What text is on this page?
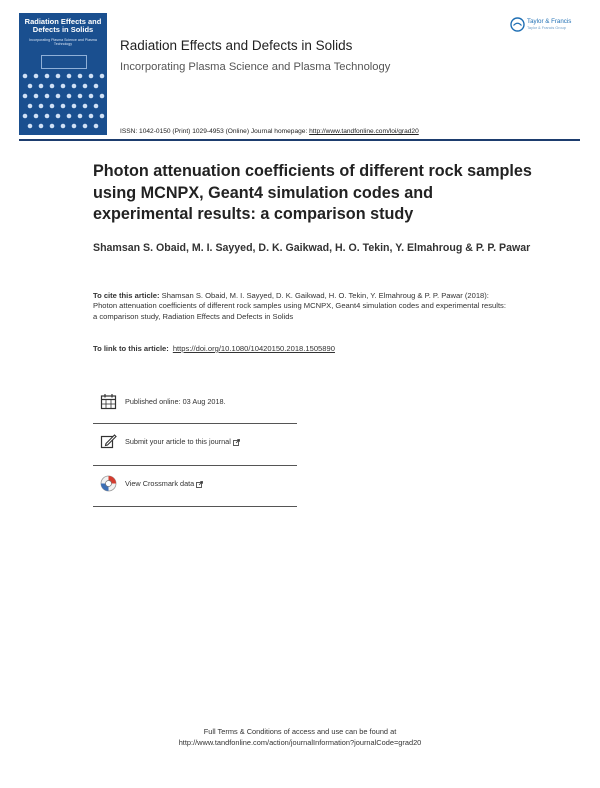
Radiation Effects and Defects in Solids
Incorporating Plasma Science and Plasma Technology	Radiation Effects and Defects in Solids
Incorporating Plasma Science and Plasma Technology
ISSN: 1042-0150 (Print) 1029-4953 (Online) Journal homepage: http://www.tandfonline.com/loi/grad20
Taylor & Francis
Taylor & Francis Group
Photon attenuation coefficients of different rock samples using MCNPX, Geant4 simulation codes and experimental results: a comparison study
Shamsan S. Obaid, M. I. Sayyed, D. K. Gaikwad, H. O. Tekin, Y. Elmahroug & P. P. Pawar
To cite this article: Shamsan S. Obaid, M. I. Sayyed, D. K. Gaikwad, H. O. Tekin, Y. Elmahroug & P. P. Pawar (2018): Photon attenuation coefficients of different rock samples using MCNPX, Geant4 simulation codes and experimental results: a comparison study, Radiation Effects and Defects in Solids
To link to this article: https://doi.org/10.1080/10420150.2018.1505890
Published online: 03 Aug 2018.
Submit your article to this journal
View Crossmark data
Full Terms & Conditions of access and use can be found at
http://www.tandfonline.com/action/journalInformation?journalCode=grad20
